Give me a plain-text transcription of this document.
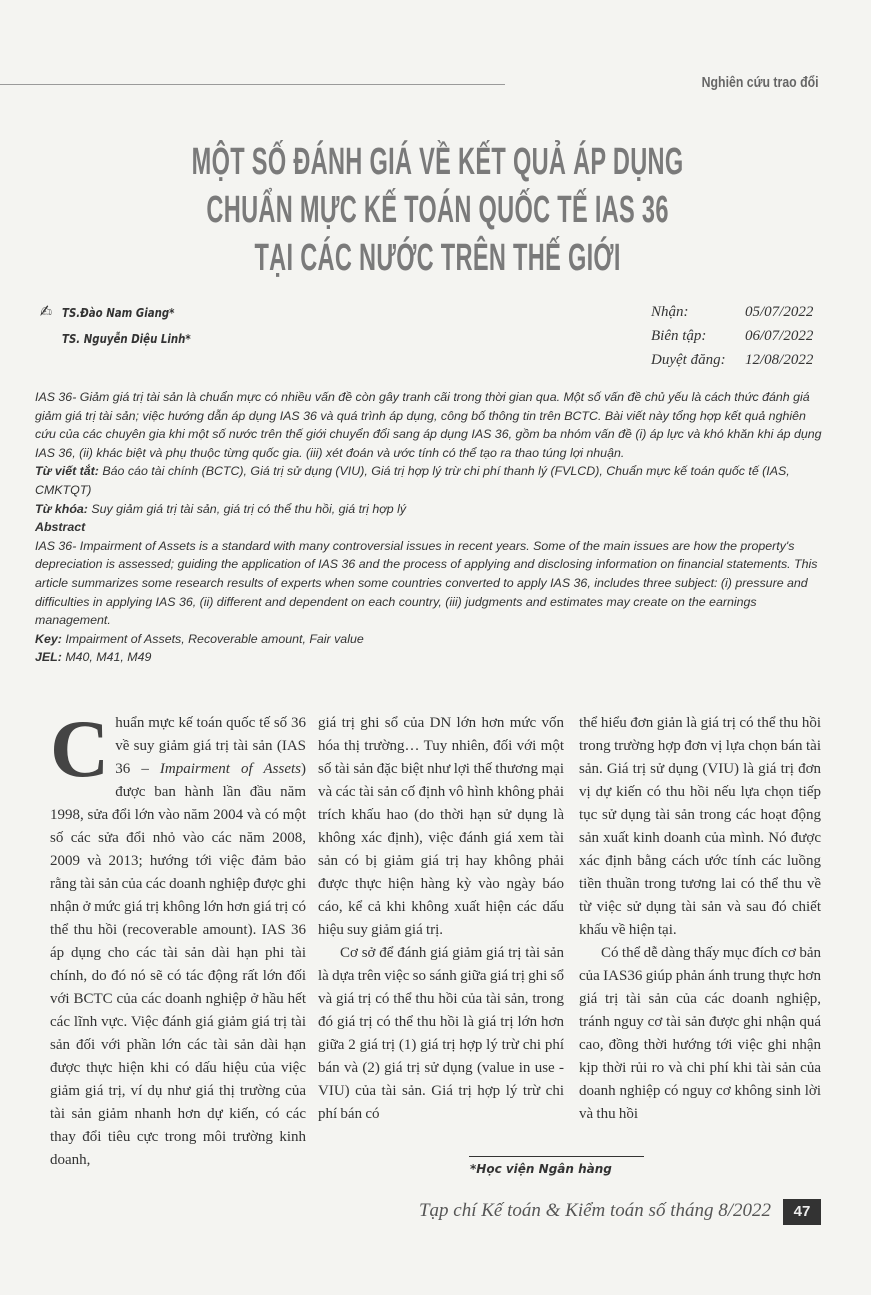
Nghiên cứu trao đổi
MỘT SỐ ĐÁNH GIÁ VỀ KẾT QUẢ ÁP DỤNG
CHUẨN MỰC KẾ TOÁN QUỐC TẾ IAS 36
TẠI CÁC NƯỚC TRÊN THẾ GIỚI
✍ TS.Đào Nam Giang*
TS. Nguyễn Diệu Linh*
Nhận:	05/07/2022
Biên tập:	06/07/2022
Duyệt đăng:	12/08/2022
IAS 36- Giảm giá trị tài sản là chuẩn mực có nhiều vấn đề còn gây tranh cãi trong thời gian qua. Một số vấn đề chủ yếu là cách thức đánh giá giảm giá trị tài sản; việc hướng dẫn áp dụng IAS 36 và quá trình áp dụng, công bố thông tin trên BCTC. Bài viết này tổng hợp kết quả nghiên cứu của các chuyên gia khi một số nước trên thế giới chuyển đổi sang áp dụng IAS 36, gồm ba nhóm vấn đề (i) áp lực và khó khăn khi áp dụng IAS 36, (ii) khác biệt và phụ thuộc từng quốc gia. (iii) xét đoán và ước tính có thể tạo ra thao túng lợi nhuận.
Từ viết tắt: Báo cáo tài chính (BCTC), Giá trị sử dụng (VIU), Giá trị hợp lý trừ chi phí thanh lý (FVLCD), Chuẩn mực kế toán quốc tế (IAS, CMKTQT)
Từ khóa: Suy giảm giá trị tài sản, giá trị có thể thu hồi, giá trị hợp lý
Abstract
IAS 36- Impairment of Assets is a standard with many controversial issues in recent years. Some of the main issues are how the property's depreciation is assessed; guiding the application of IAS 36 and the process of applying and disclosing information on financial statements. This article summarizes some research results of experts when some countries converted to apply IAS 36, includes three subject: (i) pressure and difficulties in applying IAS 36, (ii) different and dependent on each country, (iii) judgments and estimates may create on the earnings management.
Key: Impairment of Assets, Recoverable amount, Fair value
JEL: M40, M41, M49

Chuẩn mực kế toán quốc tế số 36 về suy giảm giá trị tài sản (IAS 36 – Impairment of Assets) được ban hành lần đầu năm 1998, sửa đổi lớn vào năm 2004 và có một số các sửa đổi nhỏ vào các năm 2008, 2009 và 2013; hướng tới việc đảm bảo rằng tài sản của các doanh nghiệp được ghi nhận ở mức giá trị không lớn hơn giá trị có thể thu hồi (recoverable amount). IAS 36 áp dụng cho các tài sản dài hạn phi tài chính, do đó nó sẽ có tác động rất lớn đối với BCTC của các doanh nghiệp ở hầu hết các lĩnh vực. Việc đánh giá giảm giá trị tài sản đối với phần lớn các tài sản dài hạn được thực hiện khi có dấu hiệu của việc giảm giá trị, ví dụ như giá thị trường của tài sản giảm nhanh hơn dự kiến, có các thay đổi tiêu cực trong môi trường kinh doanh,

giá trị ghi sổ của DN lớn hơn mức vốn hóa thị trường… Tuy nhiên, đối với một số tài sản đặc biệt như lợi thế thương mại và các tài sản cố định vô hình không phải trích khấu hao (do thời hạn sử dụng là không xác định), việc đánh giá xem tài sản có bị giảm giá trị hay không phải được thực hiện hàng kỳ vào ngày báo cáo, kể cả khi không xuất hiện các dấu hiệu suy giảm giá trị.

Cơ sở để đánh giá giảm giá trị tài sản là dựa trên việc so sánh giữa giá trị ghi sổ và giá trị có thể thu hồi của tài sản, trong đó giá trị có thể thu hồi là giá trị lớn hơn giữa 2 giá trị (1) giá trị hợp lý trừ chi phí bán và (2) giá trị sử dụng (value in use - VIU) của tài sản. Giá trị hợp lý trừ chi phí bán có

thể hiểu đơn giản là giá trị có thể thu hồi trong trường hợp đơn vị lựa chọn bán tài sản. Giá trị sử dụng (VIU) là giá trị đơn vị dự kiến có thu hồi nếu lựa chọn tiếp tục sử dụng tài sản trong các hoạt động sản xuất kinh doanh của mình. Nó được xác định bằng cách ước tính các luồng tiền thuần trong tương lai có thể thu về từ việc sử dụng tài sản và sau đó chiết khấu về hiện tại.

Có thể dễ dàng thấy mục đích cơ bản của IAS36 giúp phản ánh trung thực hơn giá trị tài sản của các doanh nghiệp, tránh nguy cơ tài sản được ghi nhận quá cao, đồng thời hướng tới việc ghi nhận kịp thời rủi ro và chi phí khi tài sản của doanh nghiệp có nguy cơ không sinh lời và thu hồi

*Học viện Ngân hàng
Tạp chí Kế toán & Kiểm toán số tháng 8/2022	47
